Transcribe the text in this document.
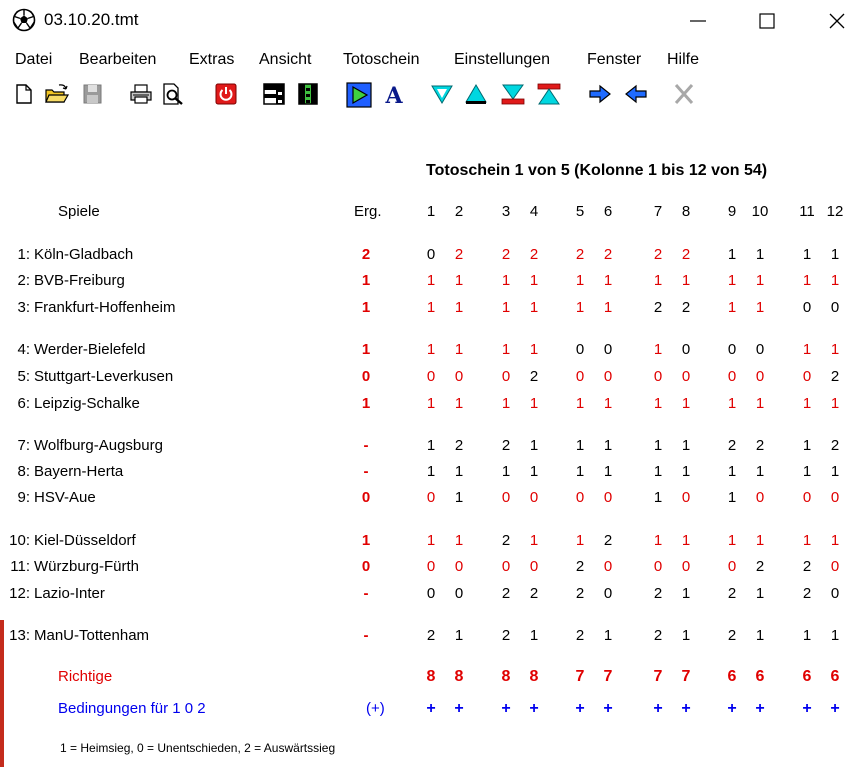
03.10.20.tmt
Datei Bearbeiten Extras Ansicht Totoschein Einstellungen Fenster Hilfe
A
Totoschein 1 von 5 (Kolonne 1 bis 12 von 54)
Spiele	Erg.	1	2	3	4	5	6	7	8	9	10 11 12
1: Köln-Gladbach	2	0	2	2	2	2	2	2	2	1	1	1	1
2: BVB-Freiburg	1	1	1	1	1	1	1	1	1	1	1	1	1
3: Frankfurt-Hoffenheim	1	1	1	1	1	1	1	2	2	1	1	0	0
4: Werder-Bielefeld	1	1	1	1	1	0	0	1	0	0	0	1	1
5: Stuttgart-Leverkusen	0	0	0	0	2	0	0	0	0	0	0	0	2
6: Leipzig-Schalke	1	1	1	1	1	1	1	1	1	1	1	1	1
7: Wolfburg-Augsburg	-	1	2	2	1	1	1	1	1	2	2	1	2
8: Bayern-Herta	-	1	1	1	1	1	1	1	1	1	1	1	1
9: HSV-Aue	0	0	1	0	0	0	0	1	0	1	0	0	0
10: Kiel-Düsseldorf	1	1	1	2	1	1	2	1	1	1	1	1	1
11: Würzburg-Fürth	0	0	0	0	0	2	0	0	0	0	2	2	0
12: Lazio-Inter	-	0	0	2	2	2	0	2	1	2	1	2	0
13: ManU-Tottenham	-	2	1	2	1	2	1	2	1	2	1	1	1
Richtige	8	8	8	8	7	7	7	7	6	6	6	6
Bedingungen für 1 0 2	(+)	+	+	+	+	+	+	+	+	+	+	+	+
1 = Heimsieg, 0 = Unentschieden, 2 = Auswärtssieg
